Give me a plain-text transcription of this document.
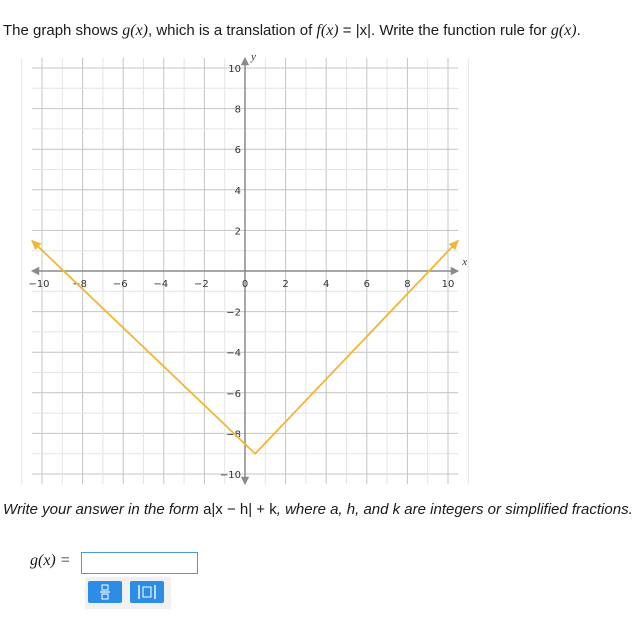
The graph shows g(x), which is a translation of f(x) = |x|. Write the function rule for g(x).
x
y
−10 −8	−6	−4	−2	0	2	4	6	8	10
10
8
6
4
2
−2
−4
−6
−8
−10
Write your answer in the form a|x − h| + k, where a, h, and k are integers or simplified fractions.
g(x) =
